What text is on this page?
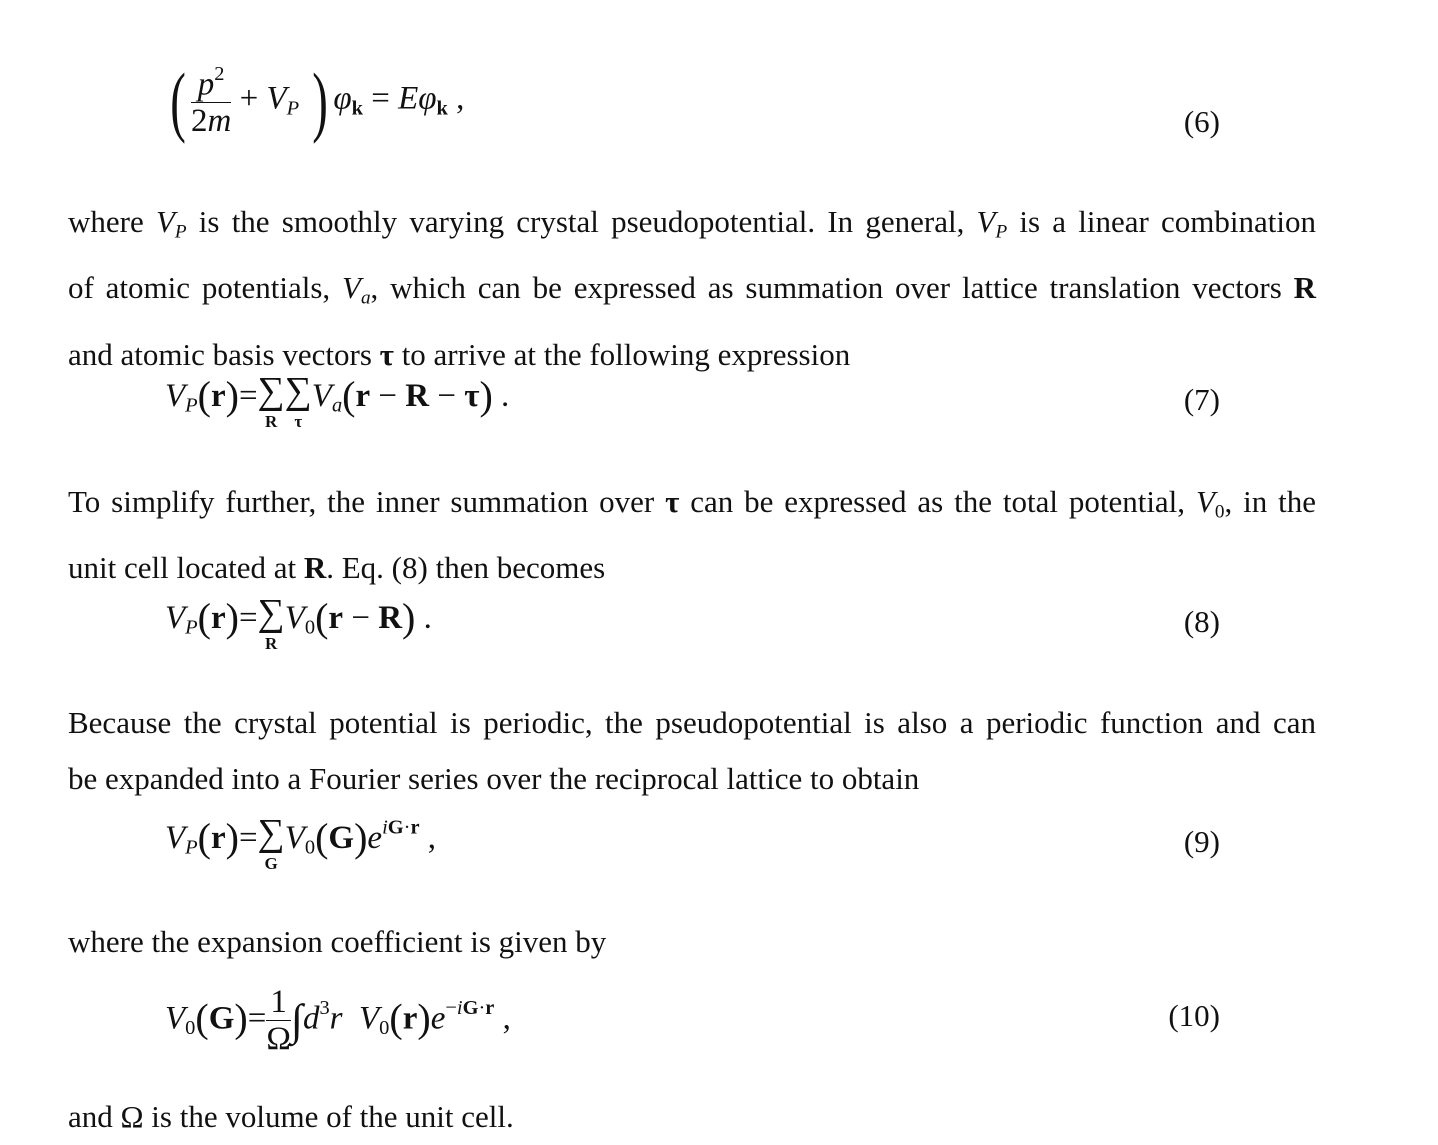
( $\frac{p^2}{2m} + V_P$ ) $\varphi_k = E\varphi_k$ ,
(6)
where $V_P$ is the smoothly varying crystal pseudopotential. In general, $V_P$ is a linear combination
of atomic potentials, $V_a$, which can be expressed as summation over lattice translation vectors R
and atomic basis vectors τ to arrive at the following expression
$V_P(r)=$ ∑
R
∑
τ
$V_a(r - R - \tau)$ .	(7)
To simplify further, the inner summation over τ can be expressed as the total potential, $V_0$, in the
unit cell located at R. Eq. (8) then becomes
$V_P(r)=$ ∑
R
$V_0(r - R)$ .	(8)
Because the crystal potential is periodic, the pseudopotential is also a periodic function and can
be expanded into a Fourier series over the reciprocal lattice to obtain
$V_P(r)=$ ∑
G
$V_0(G)e^{iG\cdot r}$ ,	(9)
where the expansion coefficient is given by
$V_0(G)= \frac{1}{\Omega} \int d^3r$ $V_0(r)e^{-iG\cdot r}$ ,	(10)
and Ω is the volume of the unit cell.
